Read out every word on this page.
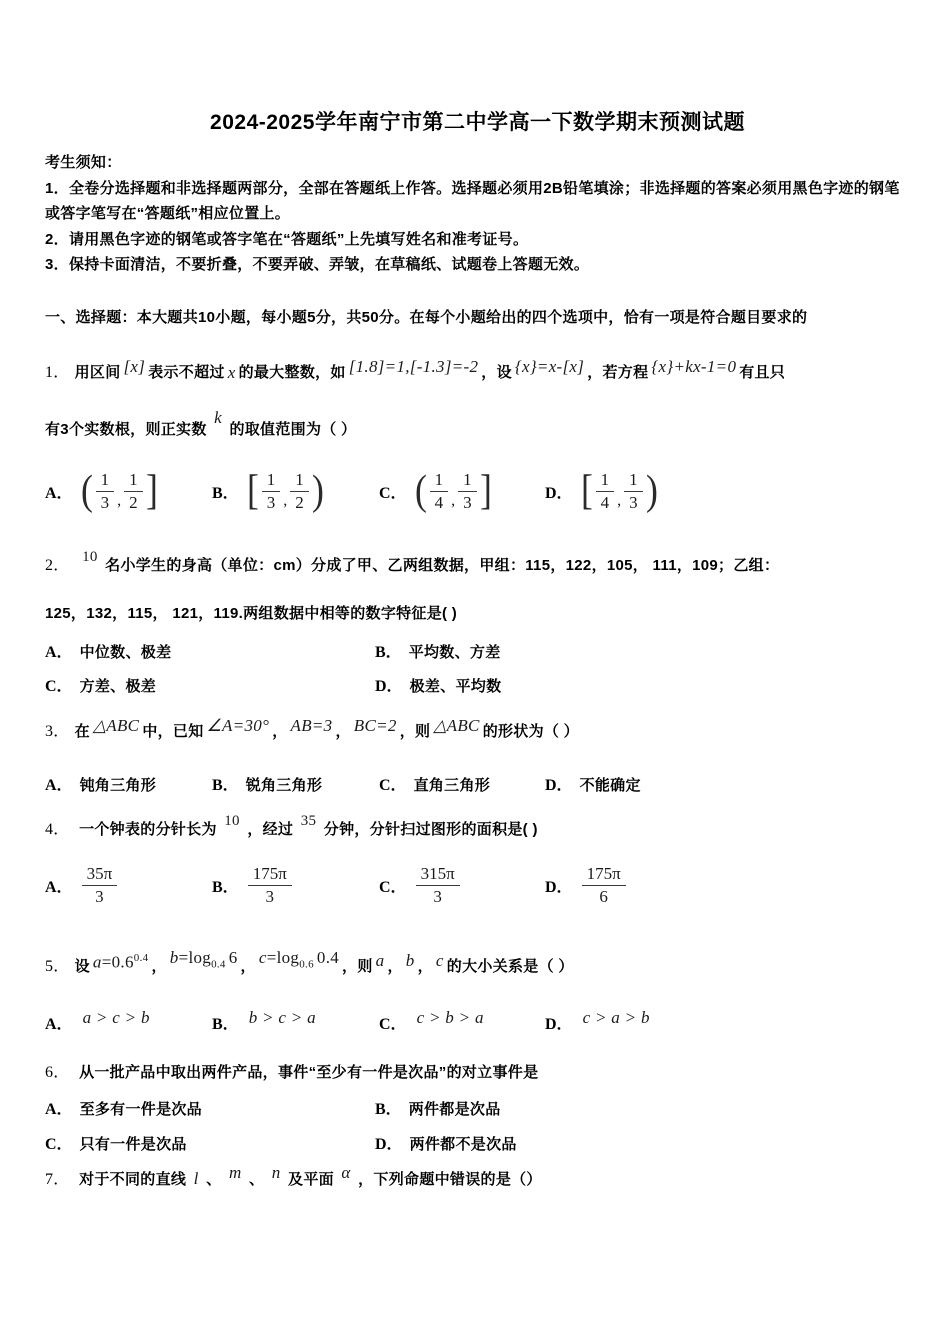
2024-2025学年南宁市第二中学高一下数学期末预测试题

考生须知：

1．全卷分选择题和非选择题两部分，全部在答题纸上作答。选择题必须用2B铅笔填涂；非选择题的答案必须用黑色字迹的钢笔或答字笔写在“答题纸”相应位置上。

2．请用黑色字迹的钢笔或答字笔在“答题纸”上先填写姓名和准考证号。

3．保持卡面清洁，不要折叠，不要弄破、弄皱，在草稿纸、试题卷上答题无效。

一、选择题：本大题共10小题，每小题5分，共50分。在每个小题给出的四个选项中，恰有一项是符合题目要求的

1． 用区间 [x] 表示不超过 x 的最大整数，如 [1.8]=1,[-1.3]=-2 ，设 {x}=x-[x] ，若方程 {x}+kx-1=0 有且只

有3个实数根，则正实数 k 的取值范围为（ ）

A． ( $\frac{1}{3}$ , $\frac{1}{2}$ ]	B． [ $\frac{1}{3}$ , $\frac{1}{2}$ )	C． ( $\frac{1}{4}$ , $\frac{1}{3}$ ]	D． [ $\frac{1}{4}$ , $\frac{1}{3}$ )

2． 10 名小学生的身高（单位：cm）分成了甲、乙两组数据，甲组：115，122，105， 111，109；乙组：

125，132，115， 121，119.两组数据中相等的数字特征是( )

A． 中位数、极差	B． 平均数、方差
C． 方差、极差	D． 极差、平均数

3． 在 △ABC 中，已知 ∠A=30° ， AB=3 ， BC=2 ，则 △ABC 的形状为（ ）

A． 钝角三角形	B． 锐角三角形	C． 直角三角形	D． 不能确定

4． 一个钟表的分针长为 10 ，经过 35 分钟，分针扫过图形的面积是( )

A． $\frac{35\pi}{3}$	B． $\frac{175\pi}{3}$	C． $\frac{315\pi}{3}$	D． $\frac{175\pi}{6}$

5． 设 $a=0.6^{0.4}$ ，
$b=\log_{0.4}$ 6
，
$c=\log_{0.6}$ 0.4
，则 a ， b ， c 的大小关系是（ ）

A． a > c > b	B． b > c > a	C． c > b > a	D． c > a > b

6． 从一批产品中取出两件产品，事件“至少有一件是次品”的对立事件是

A． 至多有一件是次品	B． 两件都是次品
C． 只有一件是次品	D． 两件都不是次品

7． 对于不同的直线 l 、 m 、 n 及平面 α ，下列命题中错误的是（）
